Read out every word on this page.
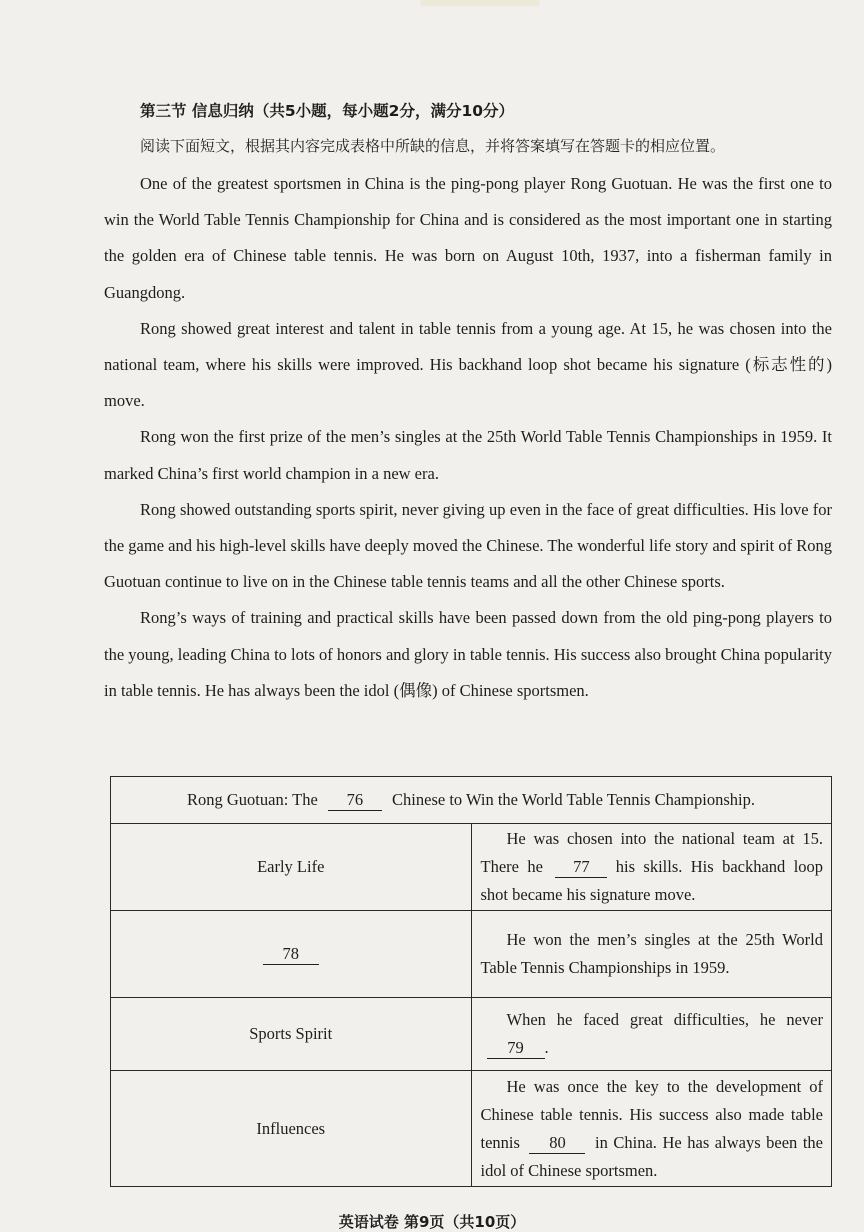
第三节 信息归纳（共5小题，每小题2分，满分10分）
阅读下面短文，根据其内容完成表格中所缺的信息，并将答案填写在答题卡的相应位置。

One of the greatest sportsmen in China is the ping-pong player Rong Guotuan. He was the first one to win the World Table Tennis Championship for China and is considered as the most important one in starting the golden era of Chinese table tennis. He was born on August 10th, 1937, into a fisherman family in Guangdong.

Rong showed great interest and talent in table tennis from a young age. At 15, he was chosen into the national team, where his skills were improved. His backhand loop shot became his signature (标志性的) move.

Rong won the first prize of the men’s singles at the 25th World Table Tennis Championships in 1959. It marked China’s first world champion in a new era.

Rong showed outstanding sports spirit, never giving up even in the face of great difficulties. His love for the game and his high-level skills have deeply moved the Chinese. The wonderful life story and spirit of Rong Guotuan continue to live on in the Chinese table tennis teams and all the other Chinese sports.

Rong’s ways of training and practical skills have been passed down from the old ping-pong players to the young, leading China to lots of honors and glory in table tennis. His success also brought China popularity in table tennis. He has always been the idol (偶像) of Chinese sportsmen.

Rong Guotuan: The 76 Chinese to Win the World Table Tennis Championship.	
Early Life	He was chosen into the national team at 15. There he 77 his skills. His backhand loop shot became his signature move.
78	He won the men’s singles at the 25th World Table Tennis Championships in 1959.
Sports Spirit	When he faced great difficulties, he never 79 .
Influences	He was once the key to the development of Chinese table tennis. His success also made table tennis 80 in China. He has always been the idol of Chinese sportsmen.
英语试卷 第9页（共10页）
